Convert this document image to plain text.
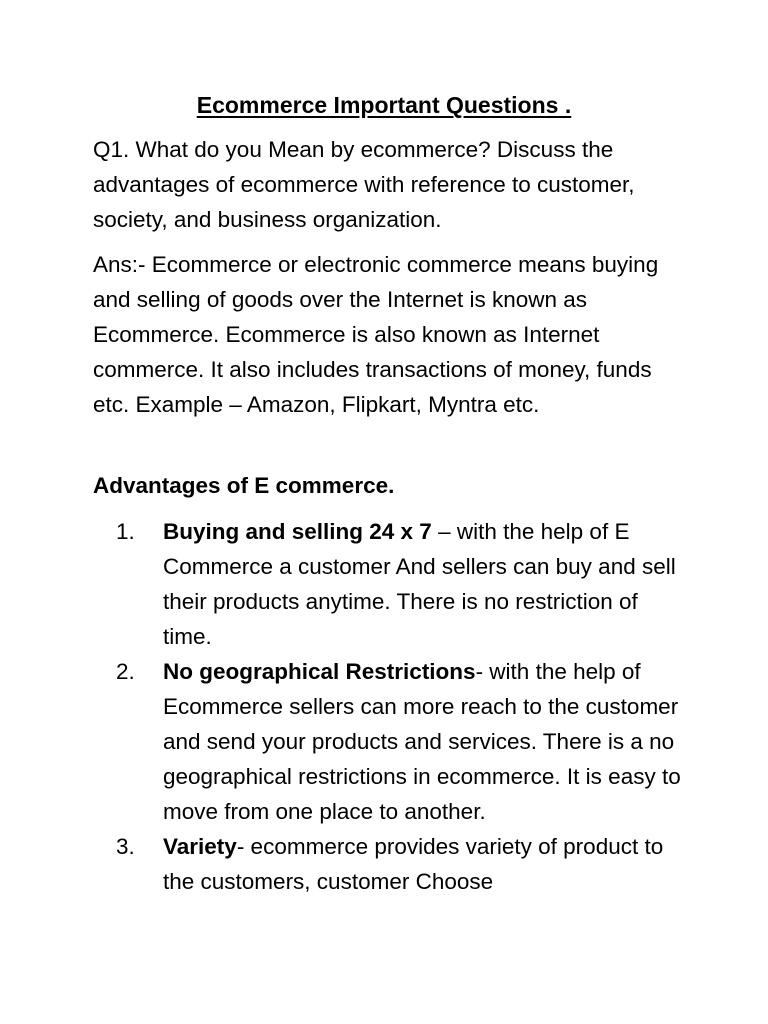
Ecommerce Important Questions .
Q1. What do you Mean by ecommerce? Discuss the advantages of ecommerce with reference to customer, society, and business organization.
Ans:- Ecommerce or electronic commerce means buying and selling of goods over the Internet is known as Ecommerce. Ecommerce is also known as Internet commerce. It also includes transactions of money, funds etc. Example – Amazon, Flipkart, Myntra etc.
Advantages of E commerce.
1. Buying and selling 24 x 7 – with the help of E Commerce a customer And sellers can buy and sell their products anytime. There is no restriction of time.
2. No geographical Restrictions- with the help of Ecommerce sellers can more reach to the customer and send your products and services. There is a no geographical restrictions in ecommerce. It is easy to move from one place to another.
3. Variety- ecommerce provides variety of product to the customers, customer Choose
